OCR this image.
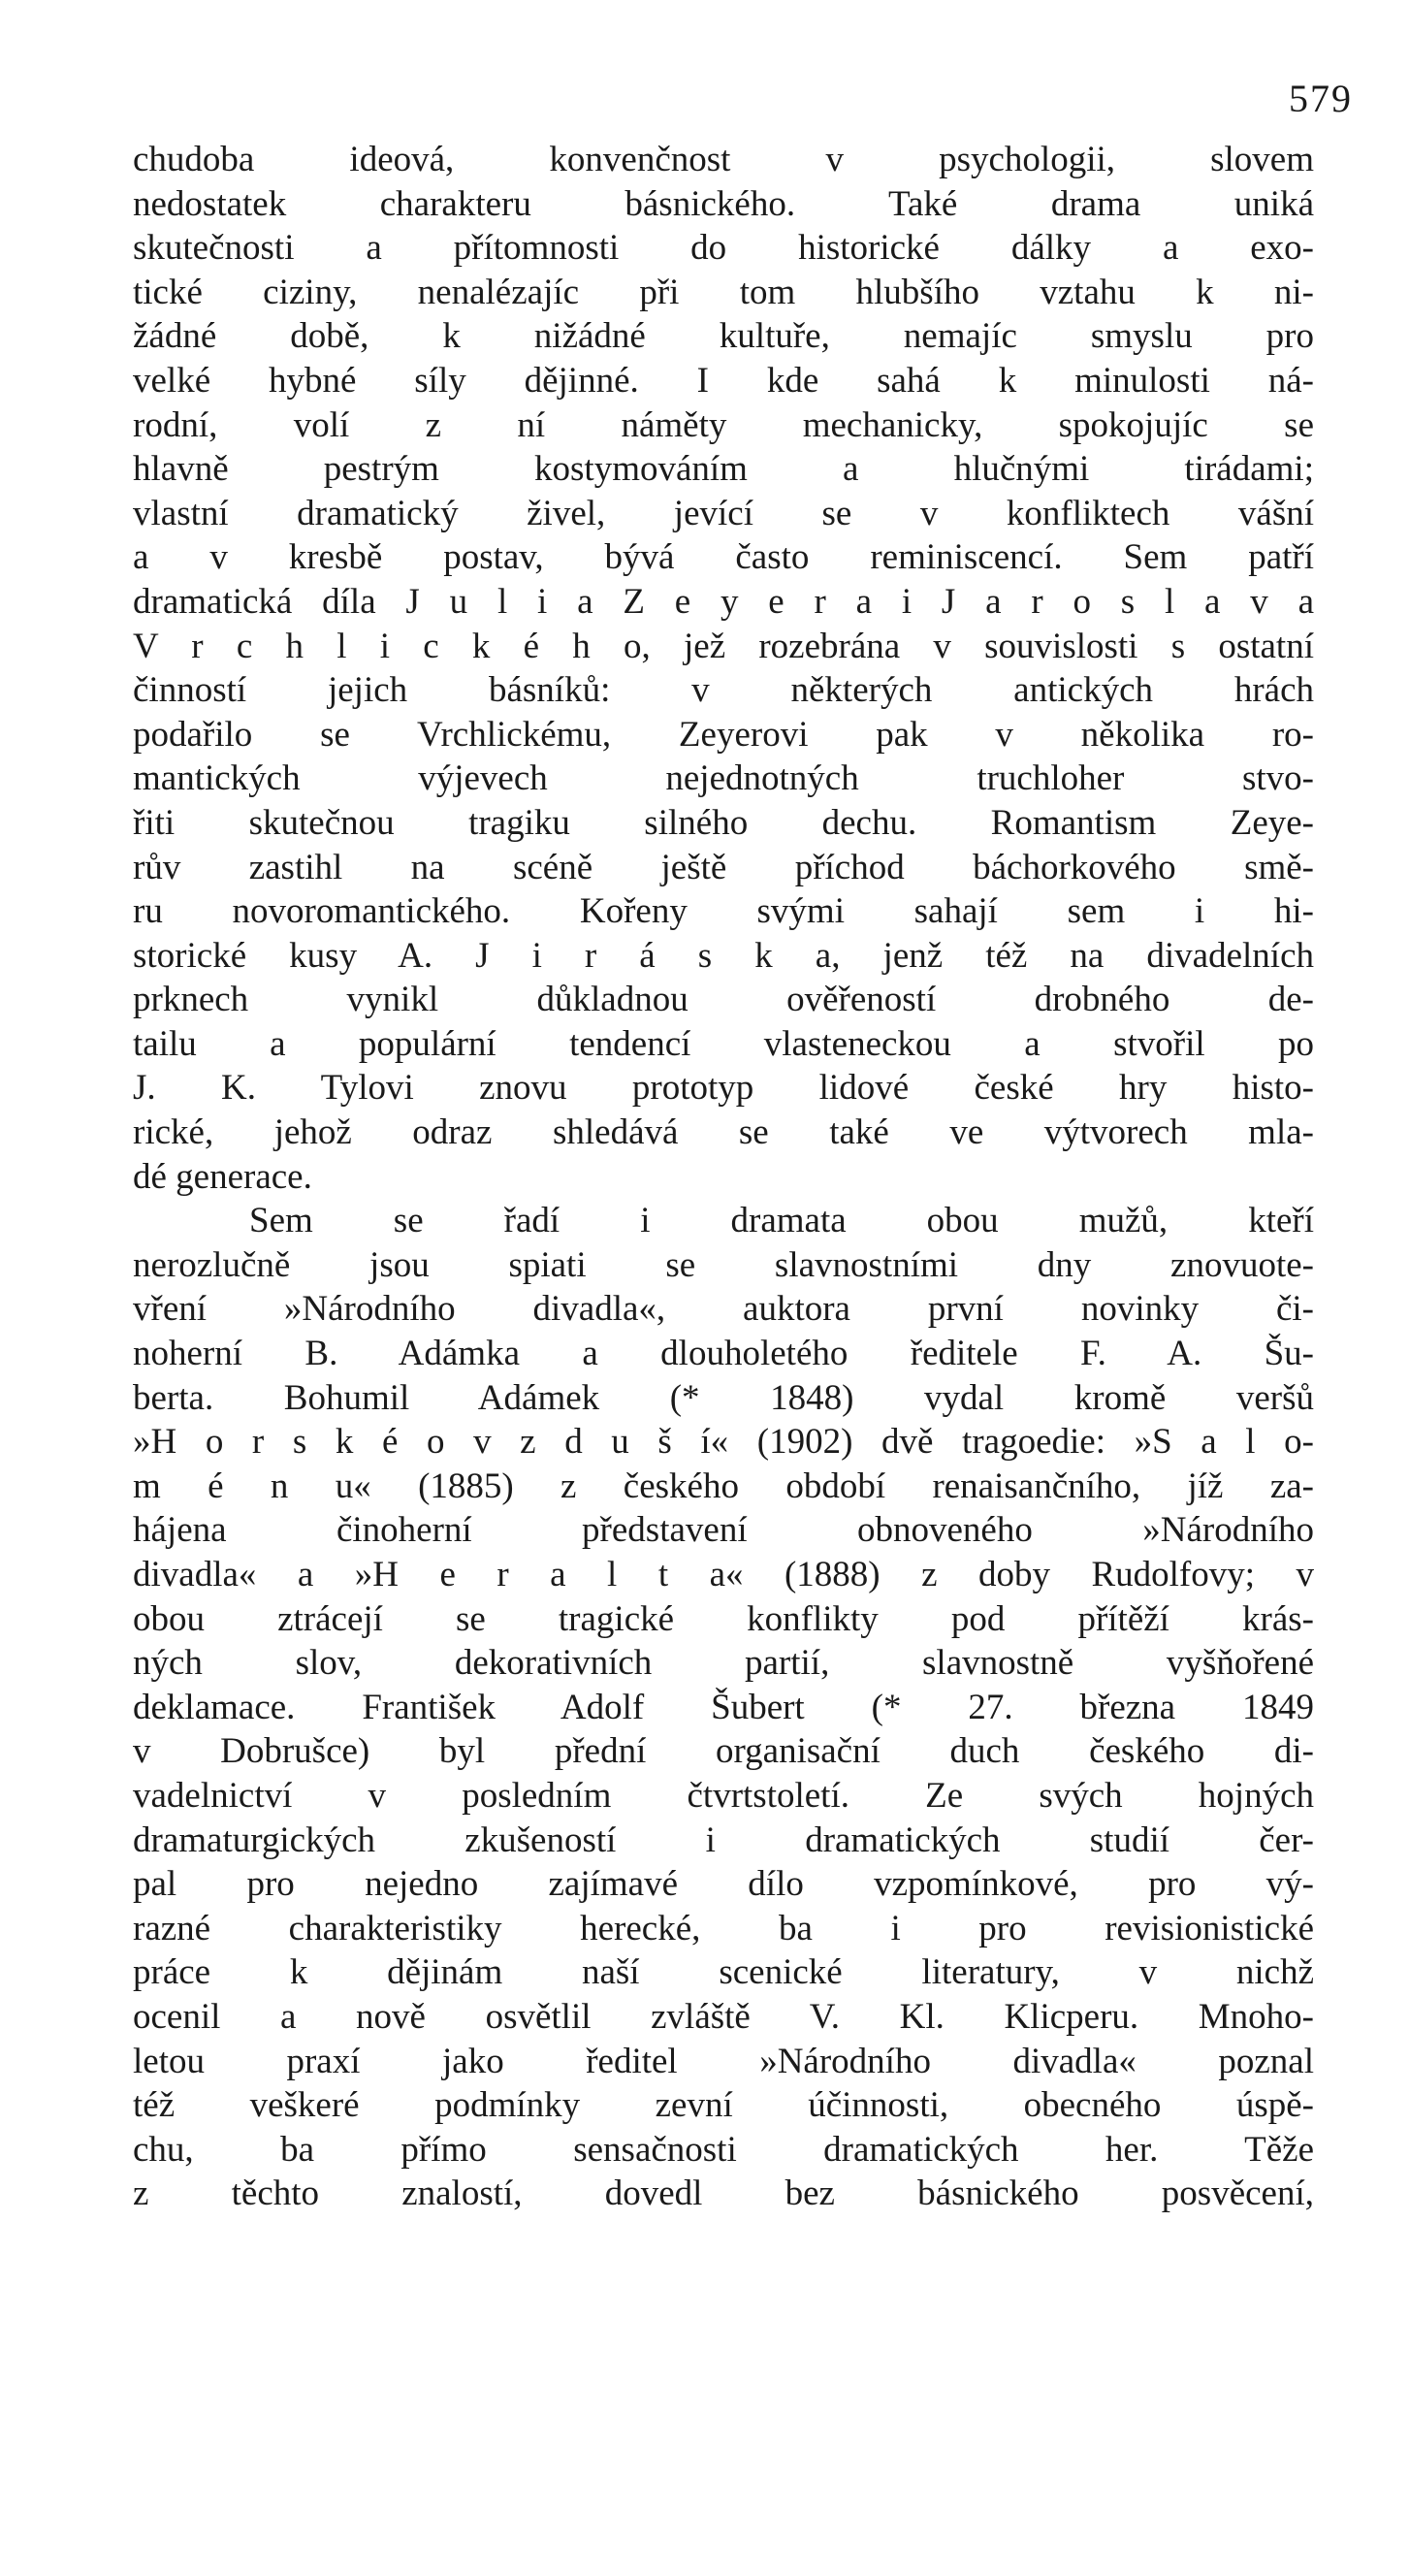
579
chudoba ideová, konvenčnost v psychologii, slovem
nedostatek charakteru básnického. Také drama uniká
skutečnosti a přítomnosti do historické dálky a exo-
tické ciziny, nenalézajíc při tom hlubšího vztahu k ni-
žádné době, k nižádné kultuře, nemajíc smyslu pro
velké hybné síly dějinné. I kde sahá k minulosti ná-
rodní, volí z ní náměty mechanicky, spokojujíc se
hlavně pestrým kostymováním a hlučnými tirádami;
vlastní dramatický živel, jevící se v konfliktech vášní
a v kresbě postav, bývá často reminiscencí. Sem patří
dramatická díla J u l i a Z e y e r a i J a r o s l a v a
V r c h l i c k é h o, jež rozebrána v souvislosti s ostatní
činností jejich básníků: v některých antických hrách
podařilo se Vrchlickému, Zeyerovi pak v několika ro-
mantických výjevech nejednotných truchloher stvo-
řiti skutečnou tragiku silného dechu. Romantism Zeye-
rův zastihl na scéně ještě příchod báchorkového smě-
ru novoromantického. Kořeny svými sahají sem i hi-
storické kusy A. J i r á s k a, jenž též na divadelních
prknech vynikl důkladnou ověřeností drobného de-
tailu a populární tendencí vlasteneckou a stvořil po
J. K. Tylovi znovu prototyp lidové české hry histo-
rické, jehož odraz shledává se také ve výtvorech mla-
dé generace.
Sem se řadí i dramata obou mužů, kteří
nerozlučně jsou spiati se slavnostními dny znovuote-
vření »Národního divadla«, auktora první novinky či-
noherní B. Adámka a dlouholetého ředitele F. A. Šu-
berta. Bohumil Adámek (* 1848) vydal kromě veršů
»H o r s k é o v z d u š í« (1902) dvě tragoedie: »S a l o-
m é n u« (1885) z českého období renaisančního, jíž za-
hájena činoherní představení obnoveného »Národního
divadla« a »H e r a l t a« (1888) z doby Rudolfovy; v
obou ztrácejí se tragické konflikty pod přítěží krás-
ných slov, dekorativních partií, slavnostně vyšňořené
deklamace. František Adolf Šubert (* 27. března 1849
v Dobrušce) byl přední organisační duch českého di-
vadelnictví v posledním čtvrtstoletí. Ze svých hojných
dramaturgických zkušeností i dramatických studií čer-
pal pro nejedno zajímavé dílo vzpomínkové, pro vý-
razné charakteristiky herecké, ba i pro revisionistické
práce k dějinám naší scenické literatury, v nichž
ocenil a nově osvětlil zvláště V. Kl. Klicperu. Mnoho-
letou praxí jako ředitel »Národního divadla« poznal
též veškeré podmínky zevní účinnosti, obecného úspě-
chu, ba přímo sensačnosti dramatických her. Těže
z těchto znalostí, dovedl bez básnického posvěcení,
